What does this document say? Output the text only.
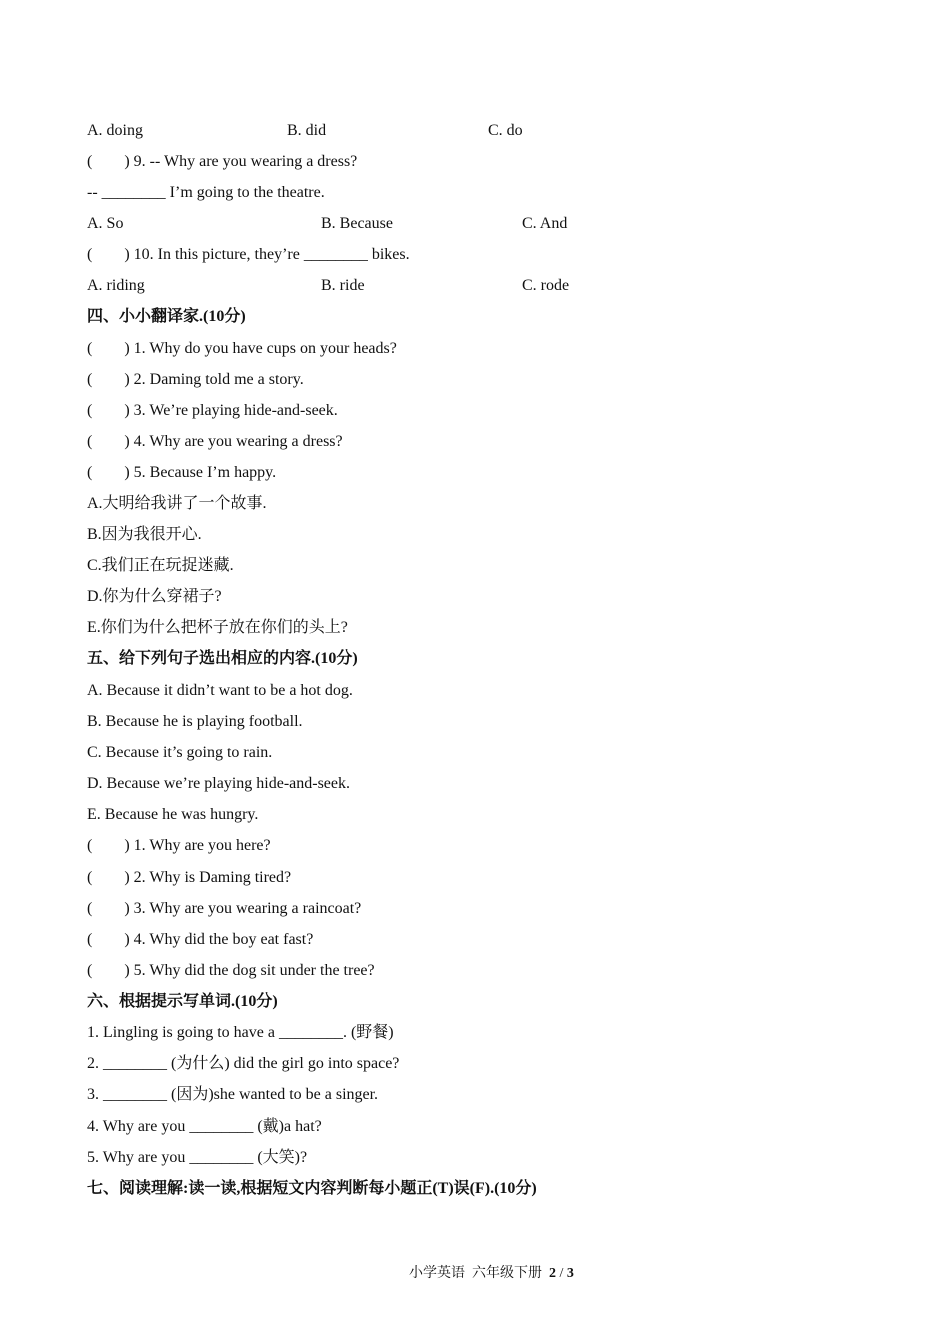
A. doing

	B. did

	C. do

(        ) 9. -- Why are you wearing a dress?
-- ________ I’m going to the theatre.

A. So

	B. Because

	C. And

(        ) 10. In this picture, they’re ________ bikes.

A. riding

	B. ride

	C. rode

四、小小翻译家.(10分)
(        ) 1. Why do you have cups on your heads?
(        ) 2. Daming told me a story.
(        ) 3. We’re playing hide-and-seek.
(        ) 4. Why are you wearing a dress?
(        ) 5. Because I’m happy.
A.大明给我讲了一个故事.
B.因为我很开心.
C.我们正在玩捉迷藏.
D.你为什么穿裙子?
E.你们为什么把杯子放在你们的头上?
五、给下列句子选出相应的内容.(10分)
A. Because it didn’t want to be a hot dog.
B. Because he is playing football.
C. Because it’s going to rain.
D. Because we’re playing hide-and-seek.
E. Because he was hungry.
(        ) 1. Why are you here?
(        ) 2. Why is Daming tired?
(        ) 3. Why are you wearing a raincoat?
(        ) 4. Why did the boy eat fast?
(        ) 5. Why did the dog sit under the tree?
六、根据提示写单词.(10分)
1. Lingling is going to have a ________. (野餐)
2. ________ (为什么) did the girl go into space?
3. ________ (因为)she wanted to be a singer.
4. Why are you ________ (戴)a hat?
5. Why are you ________ (大笑)?
七、阅读理解:读一读,根据短文内容判断每小题正(T)误(F).(10分)

小学英语  六年级下册  2 / 3
